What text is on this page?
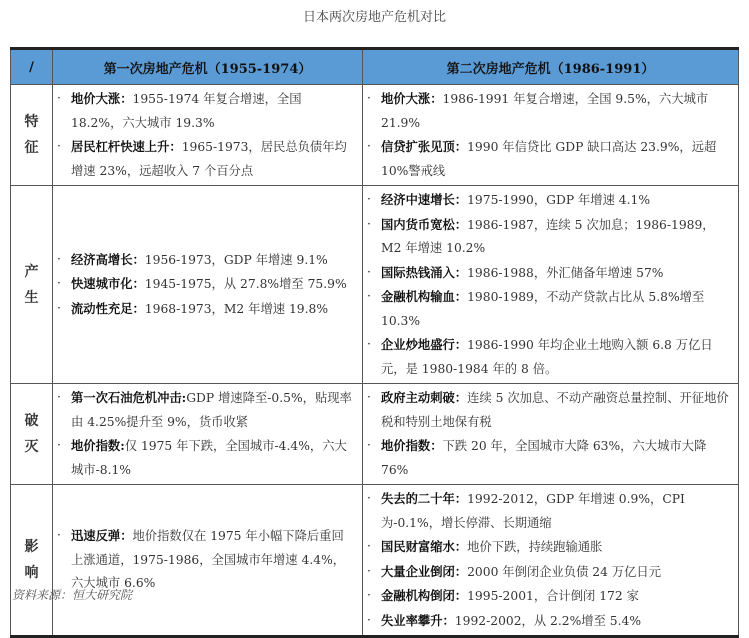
日本两次房地产危机对比
/	第一次房地产危机（1955-1974）	第二次房地产危机（1986-1991）
特
征	
· 地价大涨：1955-1974 年复合增速，全国 18.2%，六大城市 19.3%
· 居民杠杆快速上升：1965-1973，居民总负债年均增速 23%，远超收入 7 个百分点

· 地价大涨：1986-1991 年复合增速，全国 9.5%，六大城市 21.9%
· 信贷扩张见顶：1990 年信贷比 GDP 缺口高达 23.9%，远超 10%警戒线

产
生	
· 经济高增长：1956-1973，GDP 年增速 9.1%
· 快速城市化：1945-1975，从 27.8%增至 75.9%
· 流动性充足：1968-1973，M2 年增速 19.8%

· 经济中速增长：1975-1990，GDP 年增速 4.1%
· 国内货币宽松：1986-1987，连续 5 次加息；1986-1989，M2 年增速 10.2%
· 国际热钱涌入：1986-1988，外汇储备年增速 57%
· 金融机构输血：1980-1989，不动产贷款占比从 5.8%增至 10.3%
· 企业炒地盛行：1986-1990 年均企业土地购入额 6.8 万亿日元，是 1980-1984 年的 8 倍。

破
灭	
· 第一次石油危机冲击:GDP 增速降至-0.5%，贴现率由 4.25%提升至 9%，货币收紧
· 地价指数:仅 1975 年下跌，全国城市-4.4%，六大城市-8.1%

· 政府主动刺破：连续 5 次加息、不动产融资总量控制、开征地价税和特别土地保有税
· 地价指数：下跌 20 年，全国城市大降 63%，六大城市大降 76%

影
响	
· 迅速反弹：地价指数仅在 1975 年小幅下降后重回上涨通道，1975-1986，全国城市年增速 4.4%，六大城市 6.6%

· 失去的二十年：1992-2012，GDP 年增速 0.9%，CPI 为-0.1%，增长停滞、长期通缩
· 国民财富缩水：地价下跌，持续跑输通胀
· 大量企业倒闭：2000 年倒闭企业负债 24 万亿日元
· 金融机构倒闭：1995-2001，合计倒闭 172 家
· 失业率攀升：1992-2002，从 2.2%增至 5.4%
资料来源：恒大研究院
